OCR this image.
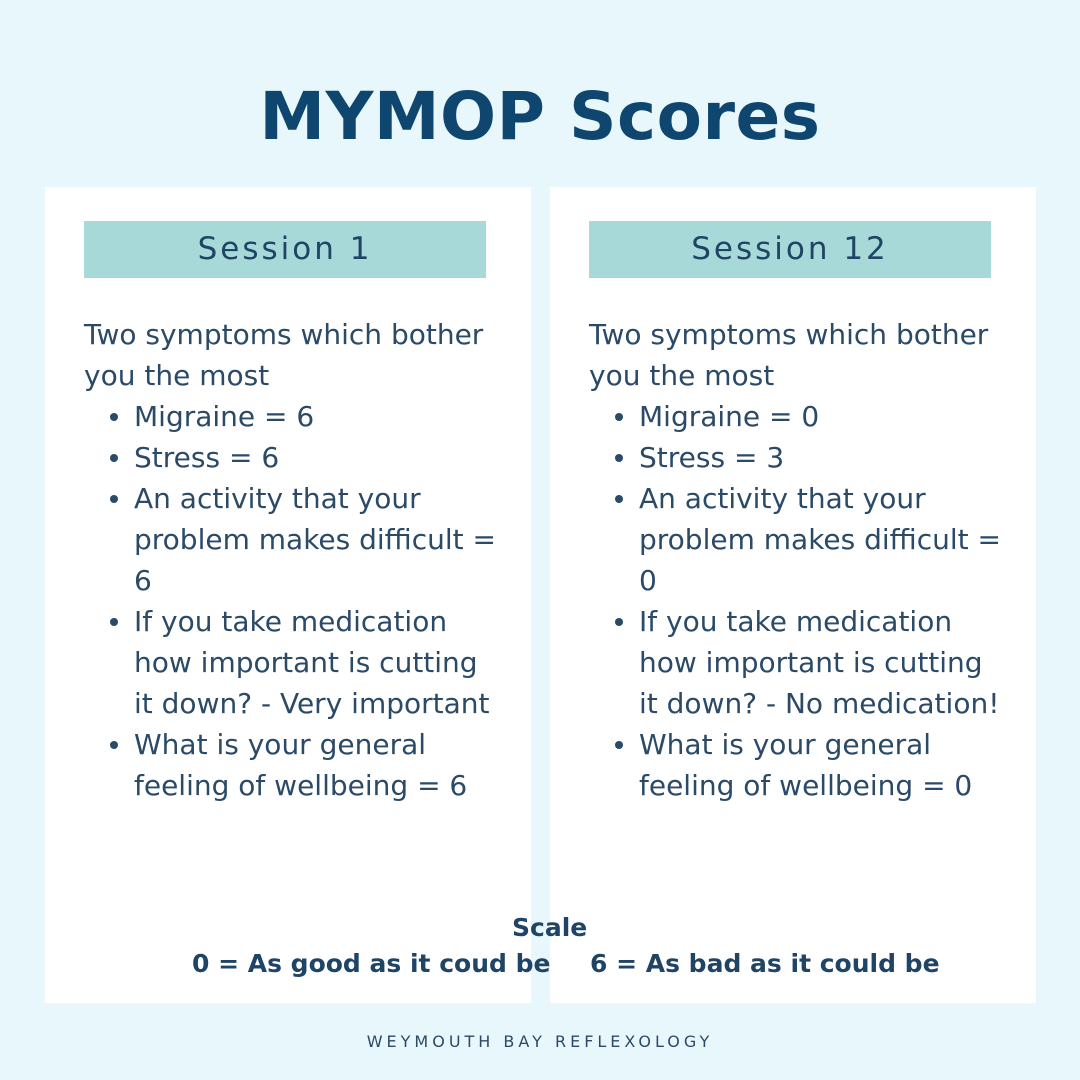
MYMOP Scores
Session 1
Two symptoms which bother you the most
Migraine = 6
Stress = 6
An activity that your problem makes difficult = 6
If you take medication how important is cutting it down? - Very important
What is your general feeling of wellbeing = 6
Session 12
Two symptoms which bother you the most
Migraine = 0
Stress = 3
An activity that your problem makes difficult = 0
If you take medication how important is cutting it down? - No medication!
What is your general feeling of wellbeing = 0
Scale
0 = As good as it coud be 6 = As bad as it could be
WEYMOUTH BAY REFLEXOLOGY
